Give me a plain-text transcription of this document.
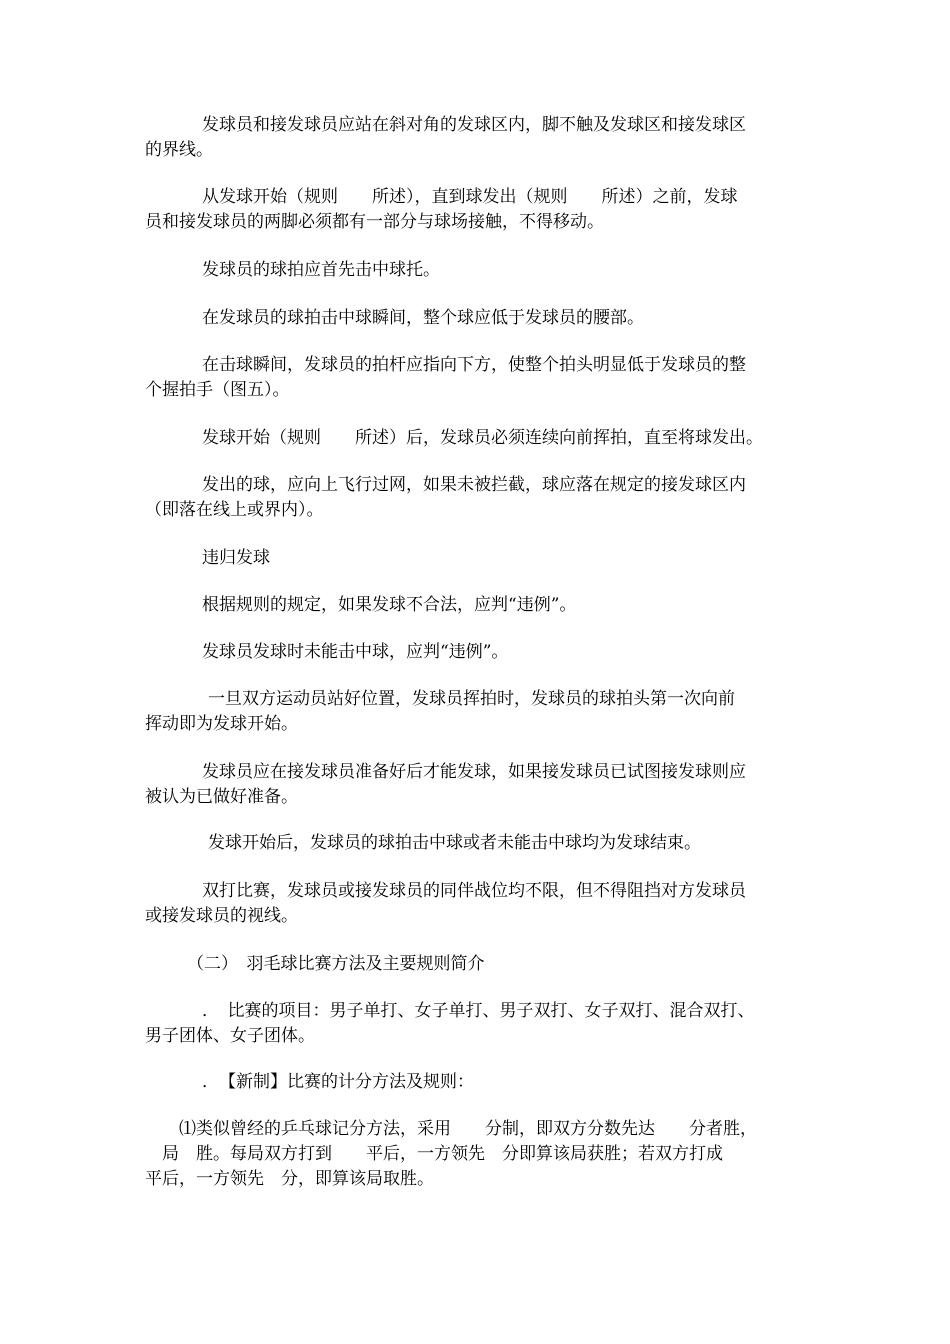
发球员和接发球员应站在斜对角的发球区内，脚不触及发球区和接发球区
的界线。
从发球开始（规则　　所述），直到球发出（规则　　所述）之前，发球
员和接发球员的两脚必须都有一部分与球场接触，不得移动。
发球员的球拍应首先击中球托。
在发球员的球拍击中球瞬间，整个球应低于发球员的腰部。
在击球瞬间，发球员的拍杆应指向下方，使整个拍头明显低于发球员的整
个握拍手（图五）。
发球开始（规则　　所述）后，发球员必须连续向前挥拍，直至将球发出。
发出的球，应向上飞行过网，如果未被拦截，球应落在规定的接发球区内
（即落在线上或界内）。
违归发球
根据规则的规定，如果发球不合法，应判“违例”。
发球员发球时未能击中球，应判“违例”。
一旦双方运动员站好位置，发球员挥拍时，发球员的球拍头第一次向前
挥动即为发球开始。
发球员应在接发球员准备好后才能发球，如果接发球员已试图接发球则应
被认为已做好准备。
发球开始后，发球员的球拍击中球或者未能击中球均为发球结束。
双打比赛，发球员或接发球员的同伴战位均不限，但不得阻挡对方发球员
或接发球员的视线。
（二）　羽毛球比赛方法及主要规则简介
．　比赛的项目：男子单打、女子单打、男子双打、女子双打、混合双打、
男子团体、女子团体。
．　【新制】比赛的计分方法及规则：
⑴类似曾经的乒乓球记分方法，采用　　分制，即双方分数先达　　分者胜，
　局　胜。每局双方打到　　平后，一方领先　分即算该局获胜；若双方打成
平后，一方领先　分，即算该局取胜。
